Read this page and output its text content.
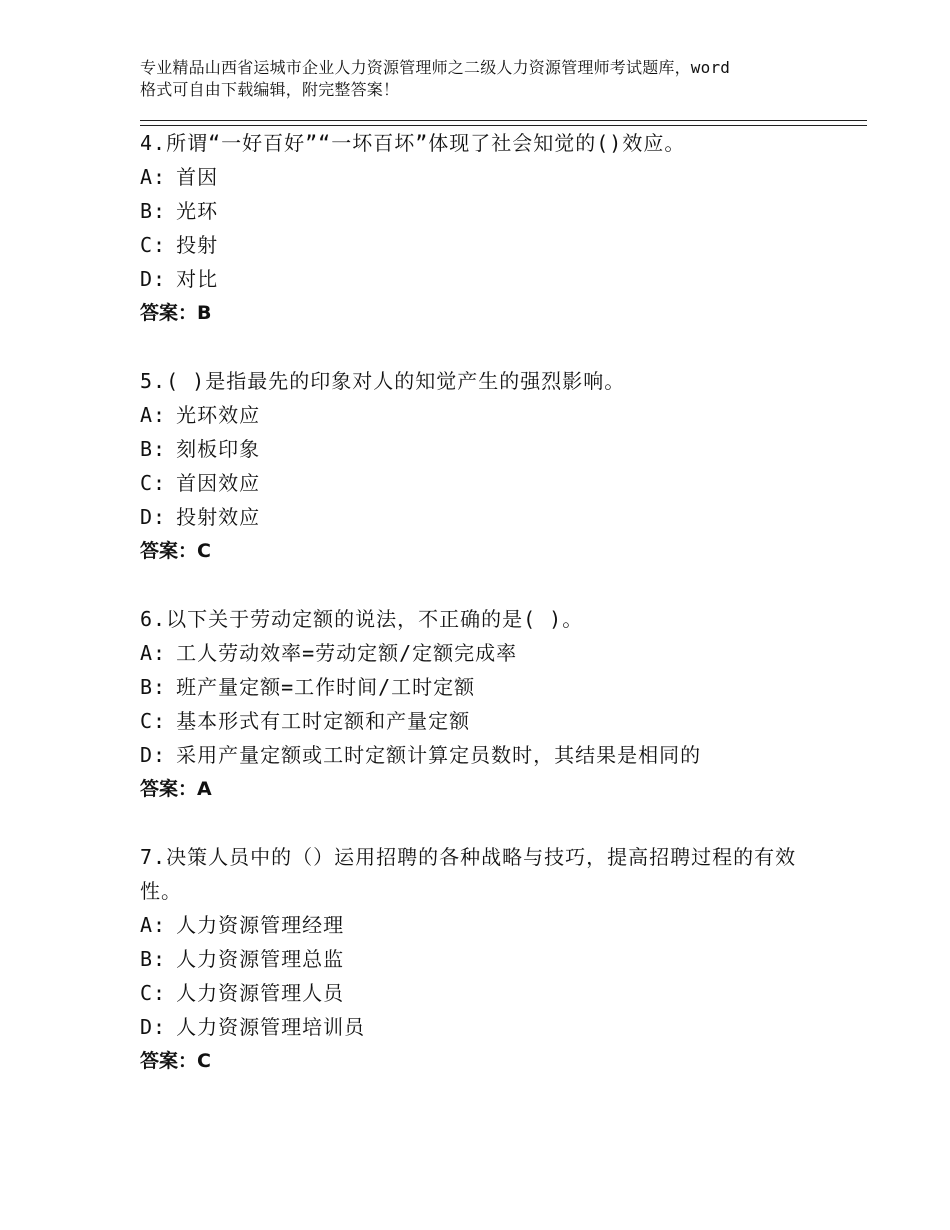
专业精品山西省运城市企业人力资源管理师之二级人力资源管理师考试题库，word
格式可自由下载编辑，附完整答案！

4.所谓“一好百好”“一坏百坏”体现了社会知觉的()效应。

A: 首因

B: 光环

C: 投射

D: 对比

答案：B

5.( )是指最先的印象对人的知觉产生的强烈影响。

A: 光环效应

B: 刻板印象

C: 首因效应

D: 投射效应

答案：C

6.以下关于劳动定额的说法，不正确的是( )。

A: 工人劳动效率=劳动定额/定额完成率

B: 班产量定额=工作时间/工时定额

C: 基本形式有工时定额和产量定额

D: 采用产量定额或工时定额计算定员数时，其结果是相同的

答案：A

7.决策人员中的（）运用招聘的各种战略与技巧，提高招聘过程的有效性。

A: 人力资源管理经理

B: 人力资源管理总监

C: 人力资源管理人员

D: 人力资源管理培训员

答案：C
